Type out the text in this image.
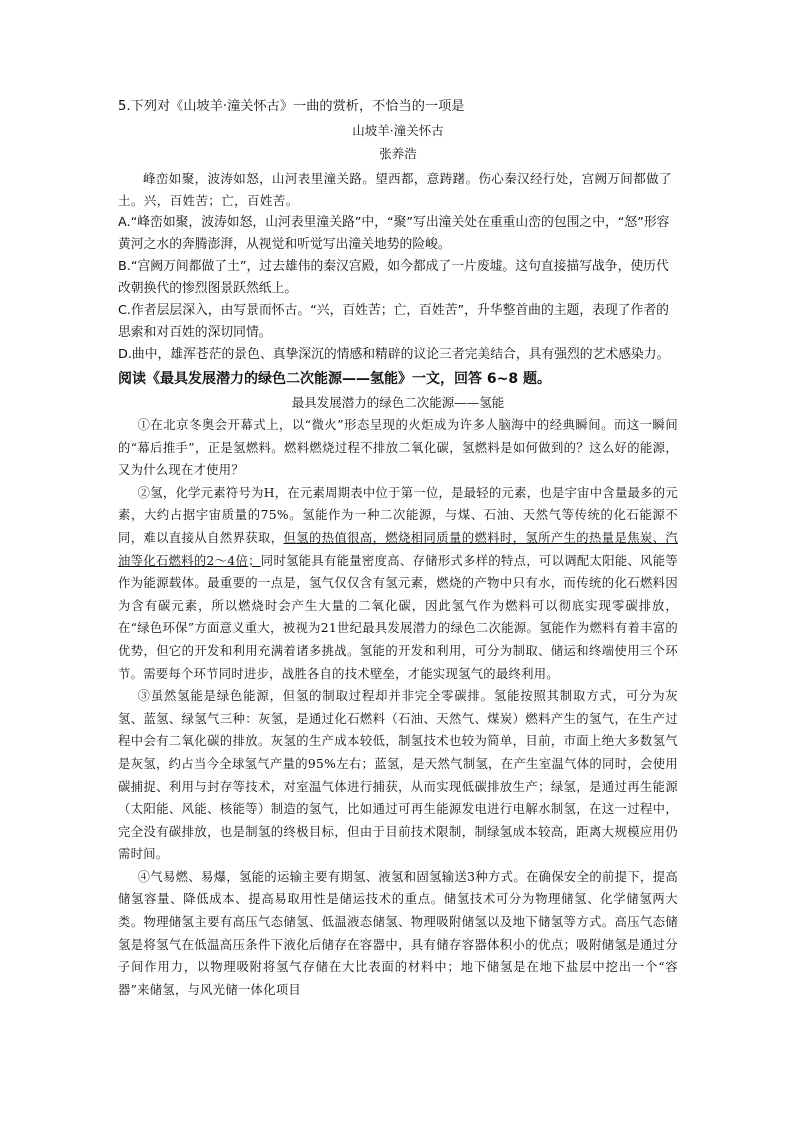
5.下列对《山坡羊·潼关怀古》一曲的赏析，不恰当的一项是

山坡羊·潼关怀古

张养浩

峰峦如聚，波涛如怒，山河表里潼关路。望西都，意踌躇。伤心秦汉经行处，宫阙万间都做了土。兴，百姓苦；亡，百姓苦。

A.“峰峦如聚，波涛如怒，山河表里潼关路”中，“聚”写出潼关处在重重山峦的包围之中，“怒”形容黄河之水的奔腾澎湃，从视觉和听觉写出潼关地势的险峻。

B.“宫阙万间都做了土”，过去雄伟的秦汉宫殿，如今都成了一片废墟。这句直接描写战争，使历代改朝换代的惨烈图景跃然纸上。

C.作者层层深入，由写景而怀古。“兴，百姓苦；亡，百姓苦”，升华整首曲的主题，表现了作者的思索和对百姓的深切同情。

D.曲中，雄浑苍茫的景色、真挚深沉的情感和精辟的议论三者完美结合，具有强烈的艺术感染力。

阅读《最具发展潜力的绿色二次能源——氢能》一文，回答 6~8 题。

最具发展潜力的绿色二次能源——氢能

①在北京冬奥会开幕式上，以“微火”形态呈现的火炬成为许多人脑海中的经典瞬间。而这一瞬间的“幕后推手”，正是氢燃料。燃料燃烧过程不排放二氧化碳，氢燃料是如何做到的？这么好的能源，又为什么现在才使用？

②氢，化学元素符号为H，在元素周期表中位于第一位，是最轻的元素，也是宇宙中含量最多的元素，大约占据宇宙质量的75%。氢能作为一种二次能源，与煤、石油、天然气等传统的化石能源不同，难以直接从自然界获取，但氢的热值很高，燃烧相同质量的燃料时，氢所产生的热量是焦炭、汽油等化石燃料的2～4倍；同时氢能具有能量密度高、存储形式多样的特点，可以调配太阳能、风能等作为能源载体。最重要的一点是，氢气仅仅含有氢元素，燃烧的产物中只有水，而传统的化石燃料因为含有碳元素，所以燃烧时会产生大量的二氧化碳，因此氢气作为燃料可以彻底实现零碳排放，在“绿色环保”方面意义重大，被视为21世纪最具发展潜力的绿色二次能源。氢能作为燃料有着丰富的优势，但它的开发和利用充满着诸多挑战。氢能的开发和利用，可分为制取、储运和终端使用三个环节。需要每个环节同时进步，战胜各自的技术壁垒，才能实现氢气的最终利用。

③虽然氢能是绿色能源，但氢的制取过程却并非完全零碳排。氢能按照其制取方式，可分为灰氢、蓝氢、绿氢气三种：灰氢，是通过化石燃料（石油、天然气、煤炭）燃料产生的氢气，在生产过程中会有二氧化碳的排放。灰氢的生产成本较低，制氢技术也较为简单，目前，市面上绝大多数氢气是灰氢，约占当今全球氢气产量的95%左右；蓝氢，是天然气制氢，在产生室温气体的同时，会使用碳捕捉、利用与封存等技术，对室温气体进行捕获，从而实现低碳排放生产；绿氢，是通过再生能源（太阳能、风能、核能等）制造的氢气，比如通过可再生能源发电进行电解水制氢，在这一过程中，完全没有碳排放，也是制氢的终极目标，但由于目前技术限制，制绿氢成本较高，距离大规模应用仍需时间。

④气易燃、易爆，氢能的运输主要有期氢、液氢和固氢输送3种方式。在确保安全的前提下，提高储氢容量、降低成本、提高易取用性是储运技术的重点。储氢技术可分为物理储氢、化学储氢两大类。物理储氢主要有高压气态储氢、低温液态储氢、物理吸附储氢以及地下储氢等方式。高压气态储氢是将氢气在低温高压条件下液化后储存在容器中，具有储存容器体积小的优点；吸附储氢是通过分子间作用力，以物理吸附将氢气存储在大比表面的材料中；地下储氢是在地下盐层中挖出一个“容器”来储氢，与风光储一体化项目
